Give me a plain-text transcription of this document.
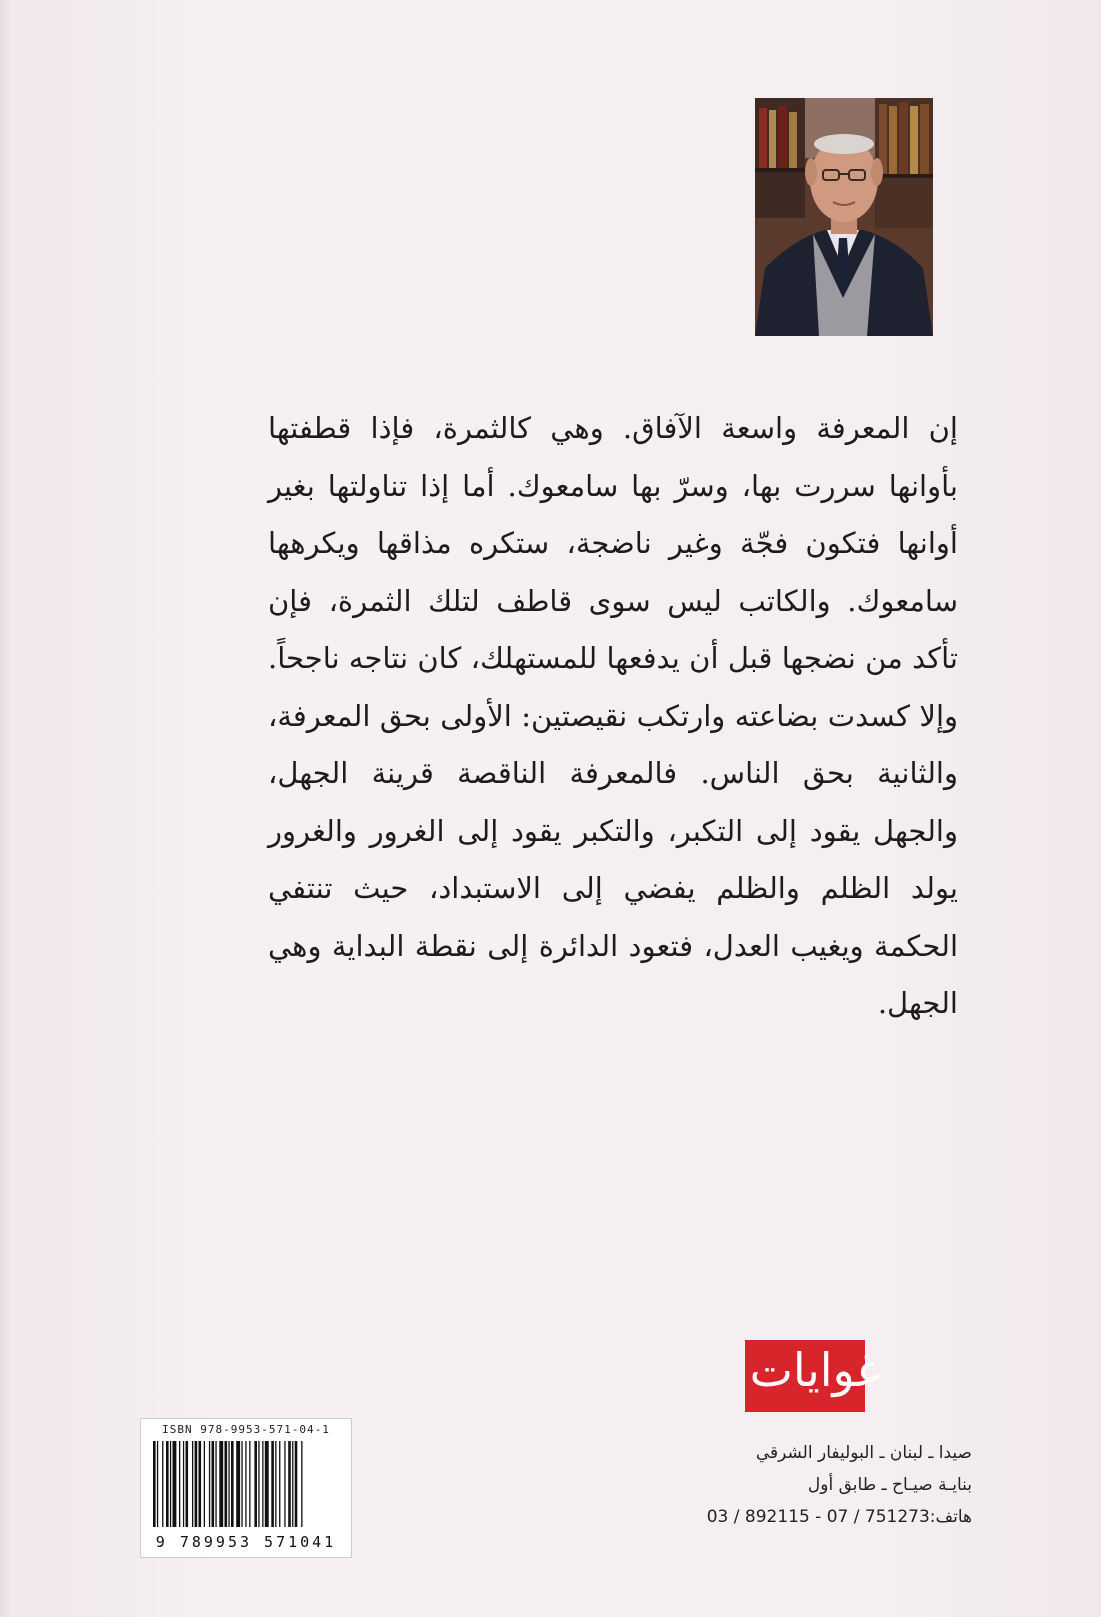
إن المعرفة واسعة الآفاق. وهي كالثمرة، فإذا قطفتها بأوانها سررت بها، وسرّ بها سامعوك. أما إذا تناولتها بغير أوانها فتكون فجّة وغير ناضجة، ستكره مذاقها ويكرهها سامعوك. والكاتب ليس سوى قاطف لتلك الثمرة، فإن تأكد من نضجها قبل أن يدفعها للمستهلك، كان نتاجه ناجحاً. وإلا كسدت بضاعته وارتكب نقيصتين: الأولى بحق المعرفة، والثانية بحق الناس. فالمعرفة الناقصة قرينة الجهل، والجهل يقود إلى التكبر، والتكبر يقود إلى الغرور والغرور يولد الظلم والظلم يفضي إلى الاستبداد، حيث تنتفي الحكمة ويغيب العدل، فتعود الدائرة إلى نقطة البداية وهي الجهل.

غوايات
صيدا ـ لبنان ـ البوليفار الشرقي
بنايـة صيـاح ـ طابق أول
هاتف:03 / 892115 - 07 / 751273
ISBN 978-9953-571-04-1
9 789953 571041
